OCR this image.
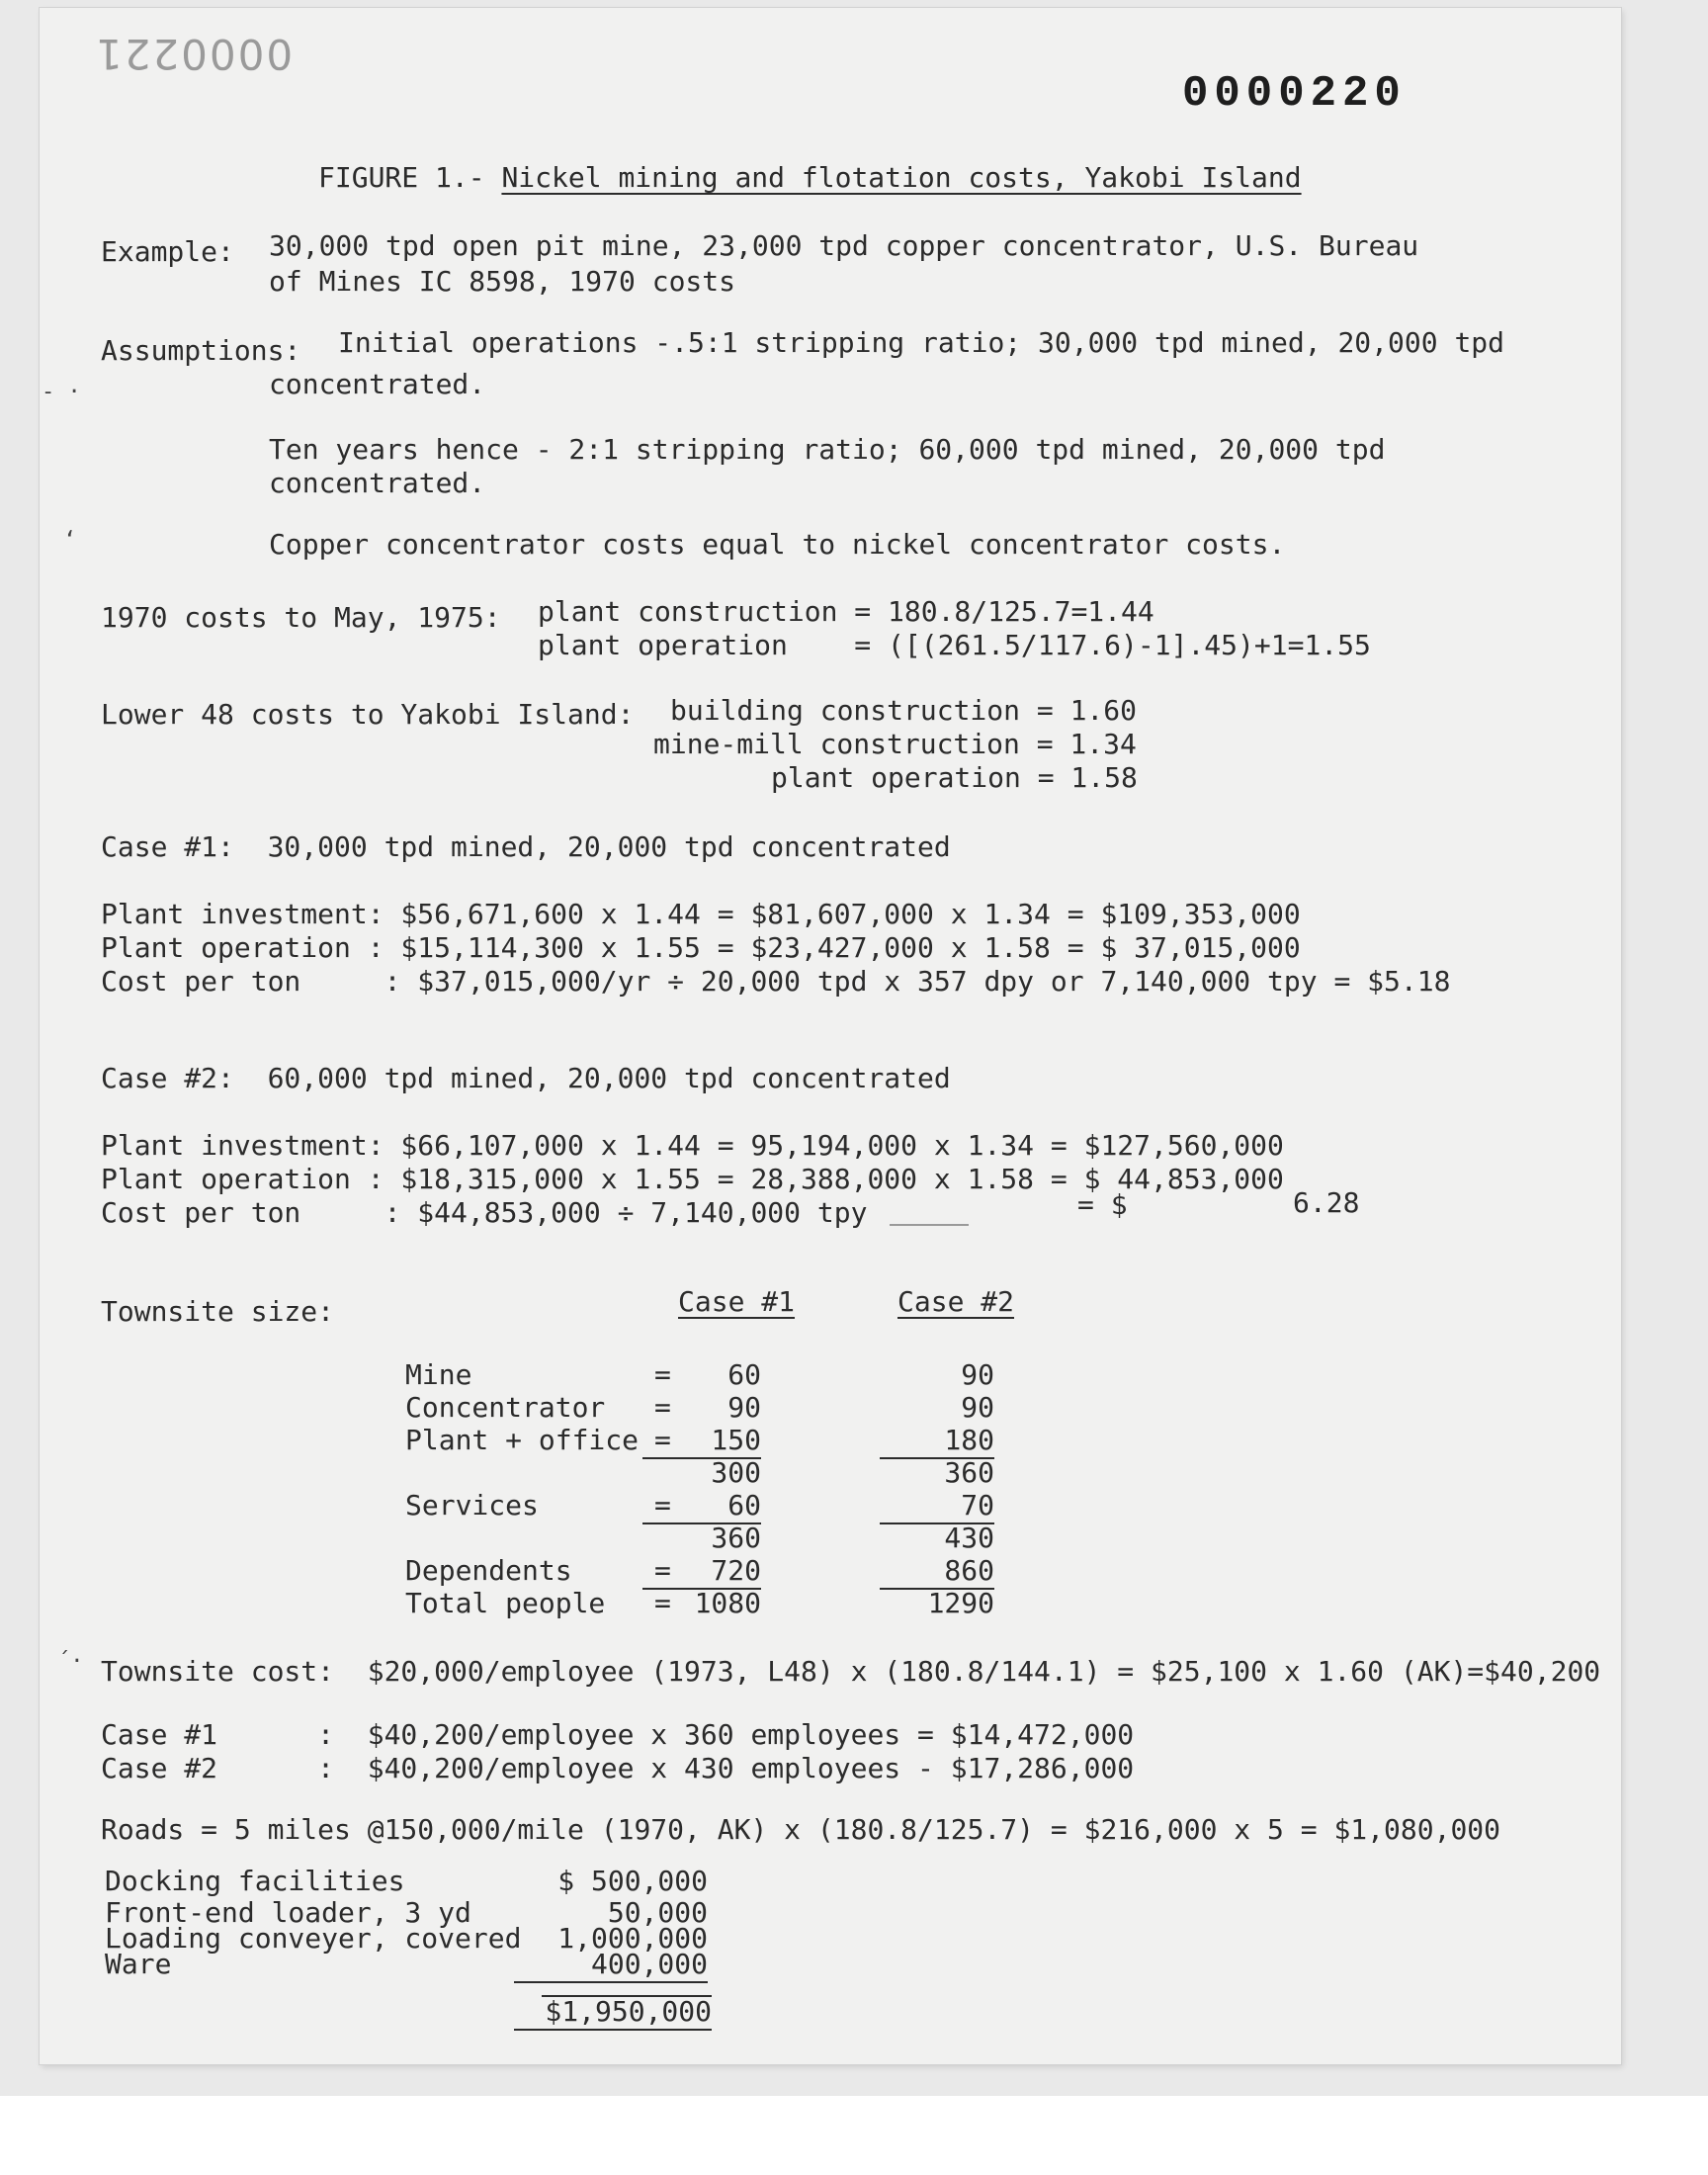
0000221
0000220
FIGURE 1.- Nickel mining and flotation costs, Yakobi Island
Example: 30,000 tpd open pit mine, 23,000 tpd copper concentrator, U.S. Bureau
of Mines IC 8598, 1970 costs
Assumptions: Initial operations -.5:1 stripping ratio; 30,000 tpd mined, 20,000 tpd
concentrated.
Ten years hence - 2:1 stripping ratio; 60,000 tpd mined, 20,000 tpd
concentrated.
Copper concentrator costs equal to nickel concentrator costs.
1970 costs to May, 1975: plant construction = 180.8/125.7=1.44
plant operation    = ([(261.5/117.6)-1].45)+1=1.55
Lower 48 costs to Yakobi Island: building construction = 1.60
mine-mill construction = 1.34
plant operation = 1.58
Case #1:  30,000 tpd mined, 20,000 tpd concentrated
Plant investment: $56,671,600 x 1.44 = $81,607,000 x 1.34 = $109,353,000
Plant operation : $15,114,300 x 1.55 = $23,427,000 x 1.58 = $ 37,015,000
Cost per ton     : $37,015,000/yr ÷ 20,000 tpd x 357 dpy or 7,140,000 tpy = $5.18
Case #2:  60,000 tpd mined, 20,000 tpd concentrated
Plant investment: $66,107,000 x 1.44 = 95,194,000 x 1.34 = $127,560,000
Plant operation : $18,315,000 x 1.55 = 28,388,000 x 1.58 = $ 44,853,000
Cost per ton     : $44,853,000 ÷ 7,140,000 tpy	= $	6.28
Townsite size:	Case #1	Case #2
Mine	=	60	90
Concentrator =	90	90
Plant + office =	150	180
300	360
Services	=	60	70
360	430
Dependents	=	720	860
Total people = 1080	1290
Townsite cost:  $20,000/employee (1973, L48) x (180.8/144.1) = $25,100 x 1.60 (AK)=$40,200
Case #1      :  $40,200/employee x 360 employees = $14,472,000
Case #2      :  $40,200/employee x 430 employees - $17,286,000
Roads = 5 miles @150,000/mile (1970, AK) x (180.8/125.7) = $216,000 x 5 = $1,080,000
Docking facilities	$ 500,000
Front-end loader, 3 yd	50,000
Loading conveyer, covered	1,000,000
Ware	400,000
$1,950,000
- ·
ʻ
´·
